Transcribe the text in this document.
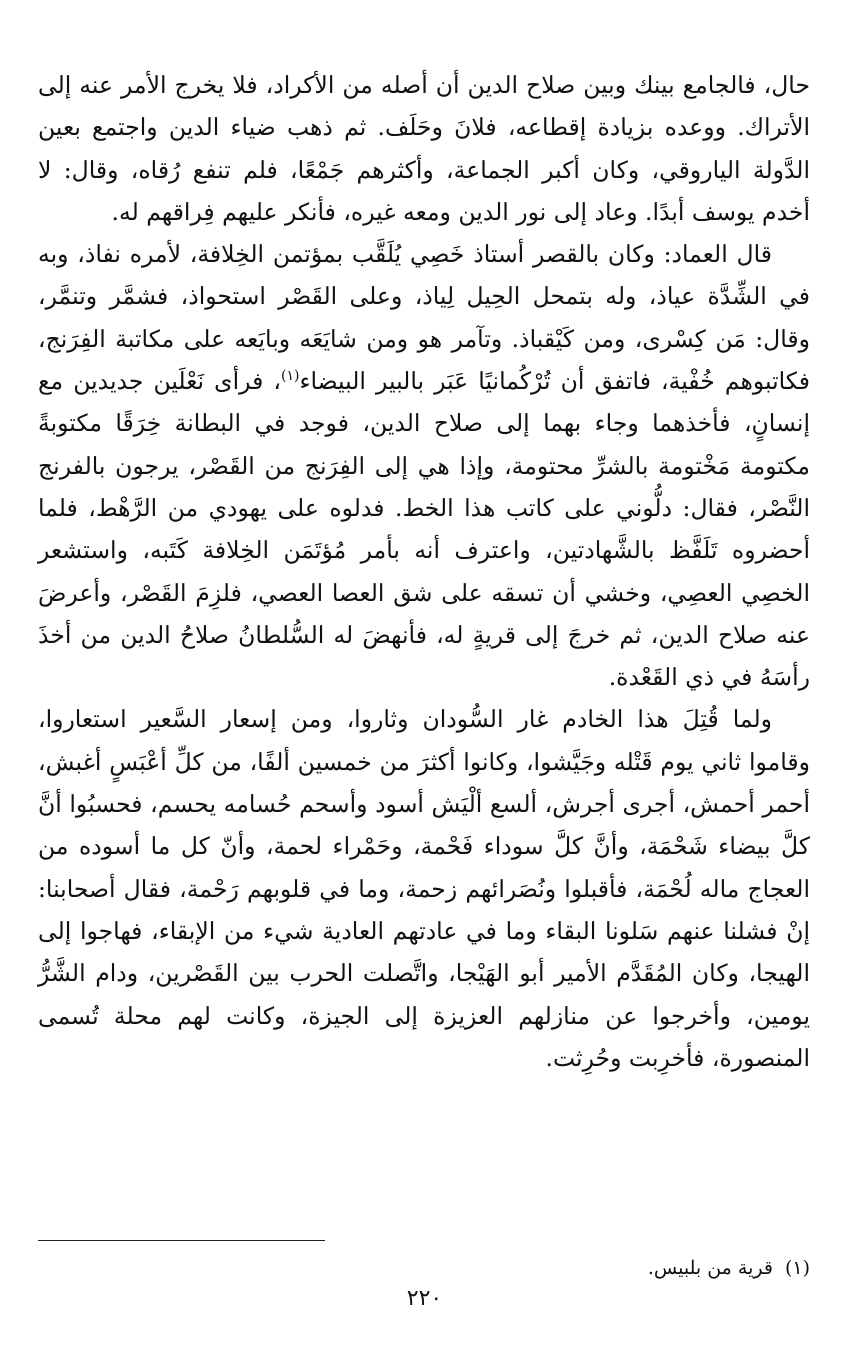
حال، فالجامع بينك وبين صلاح الدين أن أصله من الأكراد، فلا يخرج الأمر عنه إلى الأتراك. ووعده بزيادة إقطاعه، فلانَ وحَلَف. ثم ذهب ضياء الدين واجتمع بعين الدَّولة الياروقي، وكان أكبر الجماعة، وأكثرهم جَمْعًا، فلم تنفع رُقاه، وقال: لا أخدم يوسف أبدًا. وعاد إلى نور الدين ومعه غيره، فأنكر عليهم فِراقهم له.

قال العماد: وكان بالقصر أستاذ خَصِي يُلَقَّب بمؤتمن الخِلافة، لأمره نفاذ، وبه في الشِّدَّة عياذ، وله بتمحل الحِيل لِياذ، وعلى القَصْر استحواذ، فشمَّر وتنمَّر، وقال: مَن كِسْرى، ومن كَيْقباذ. وتآمر هو ومن شايَعَه وبايَعه على مكاتبة الفِرَنج، فكاتبوهم خُفْية، فاتفق أن تُرْكُمانيًا عَبَر بالبير البيضاء$^{(١)}$، فرأى نَعْلَين جديدين مع إنسانٍ، فأخذهما وجاء بهما إلى صلاح الدين، فوجد في البطانة خِرَقًا مكتوبةً مكتومة مَخْتومة بالشرِّ محتومة، وإذا هي إلى الفِرَنج من القَصْر، يرجون بالفرنج النَّصْر، فقال: دلُّوني على كاتب هذا الخط. فدلوه على يهودي من الرَّهْط، فلما أحضروه تَلَفَّظ بالشَّهادتين، واعترف أنه بأمر مُؤتَمَن الخِلافة كَتَبه، واستشعر الخصِي العصِي، وخشي أن تسقه على شق العصا العصي، فلزِمَ القَصْر، وأعرضَ عنه صلاح الدين، ثم خرجَ إلى قريةٍ له، فأنهضَ له السُّلطانُ صلاحُ الدين من أخذَ رأسَهُ في ذي القَعْدة.

ولما قُتِلَ هذا الخادم غار السُّودان وثاروا، ومن إسعار السَّعير استعاروا، وقاموا ثاني يوم قَتْله وجَيَّشوا، وكانوا أكثرَ من خمسين ألفًا، من كلِّ أعْبَسٍ أغبش، أحمر أحمش، أجرى أجرش، ألسع ألْيَش أسود وأسحم حُسامه يحسم، فحسبُوا أنَّ كلَّ بيضاء شَحْمَة، وأنَّ كلَّ سوداء فَحْمة، وحَمْراء لحمة، وأنّ كل ما أسوده من العجاج ماله لُحْمَة، فأقبلوا ونُصَرائهم زحمة، وما في قلوبهم رَحْمة، فقال أصحابنا: إنْ فشلنا عنهم سَلونا البقاء وما في عادتهم العادية شيء من الإبقاء، فهاجوا إلى الهيجا، وكان المُقَدَّم الأمير أبو الهَيْجا، واتَّصلت الحرب بين القَصْرين، ودام الشَّرُّ يومين، وأخرجوا عن منازلهم العزيزة إلى الجيزة، وكانت لهم محلة تُسمى المنصورة، فأخرِبت وحُرِثت.

(١)قرية من بلبيس.
٢٢٠
